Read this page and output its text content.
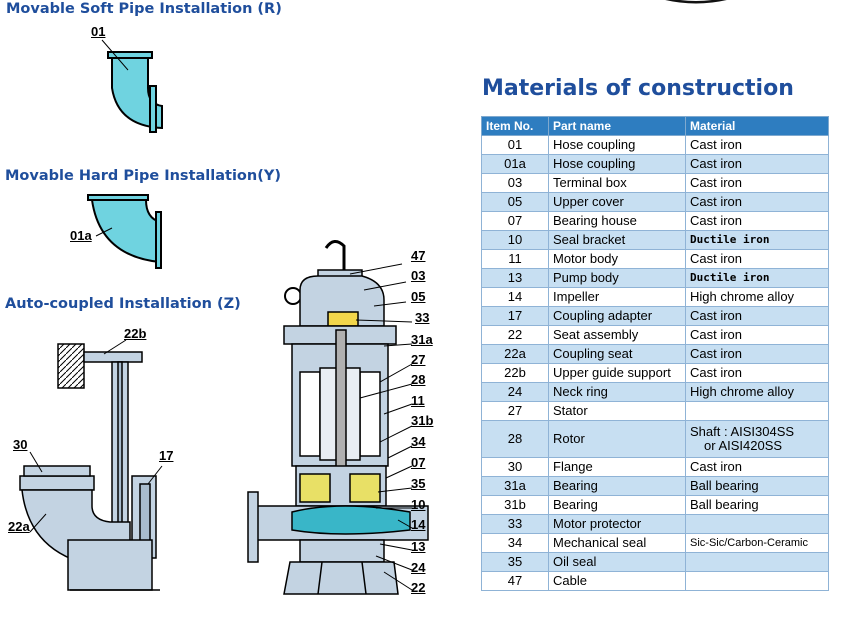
Movable Soft Pipe Installation (R)
Movable Hard Pipe Installation(Y)
Auto-coupled Installation (Z)
Materials of construction
01
01a
22b
30
17
22a
47
03
05
33
31a
27
28
11
31b
34
07
35
10
14
13
24
22
Item No.	Part name	Material
01	Hose coupling	Cast iron
01a	Hose coupling	Cast iron
03	Terminal box	Cast iron
05	Upper cover	Cast iron
07	Bearing house	Cast iron
10	Seal bracket	Ductile iron
11	Motor body	Cast iron
13	Pump body	Ductile iron
14	Impeller	High chrome alloy
17	Coupling adapter	Cast iron
22	Seat assembly	Cast iron
22a	Coupling seat	Cast iron
22b	Upper guide support	Cast iron
24	Neck ring	High chrome alloy
27	Stator	
28	Rotor	Shaft : AISI304SS
or AISI420SS

30	Flange	Cast iron
31a	Bearing	Ball bearing
31b	Bearing	Ball bearing
33	Motor protector	
34	Mechanical seal	Sic-Sic/Carbon-Ceramic
35	Oil seal	
47	Cable	
